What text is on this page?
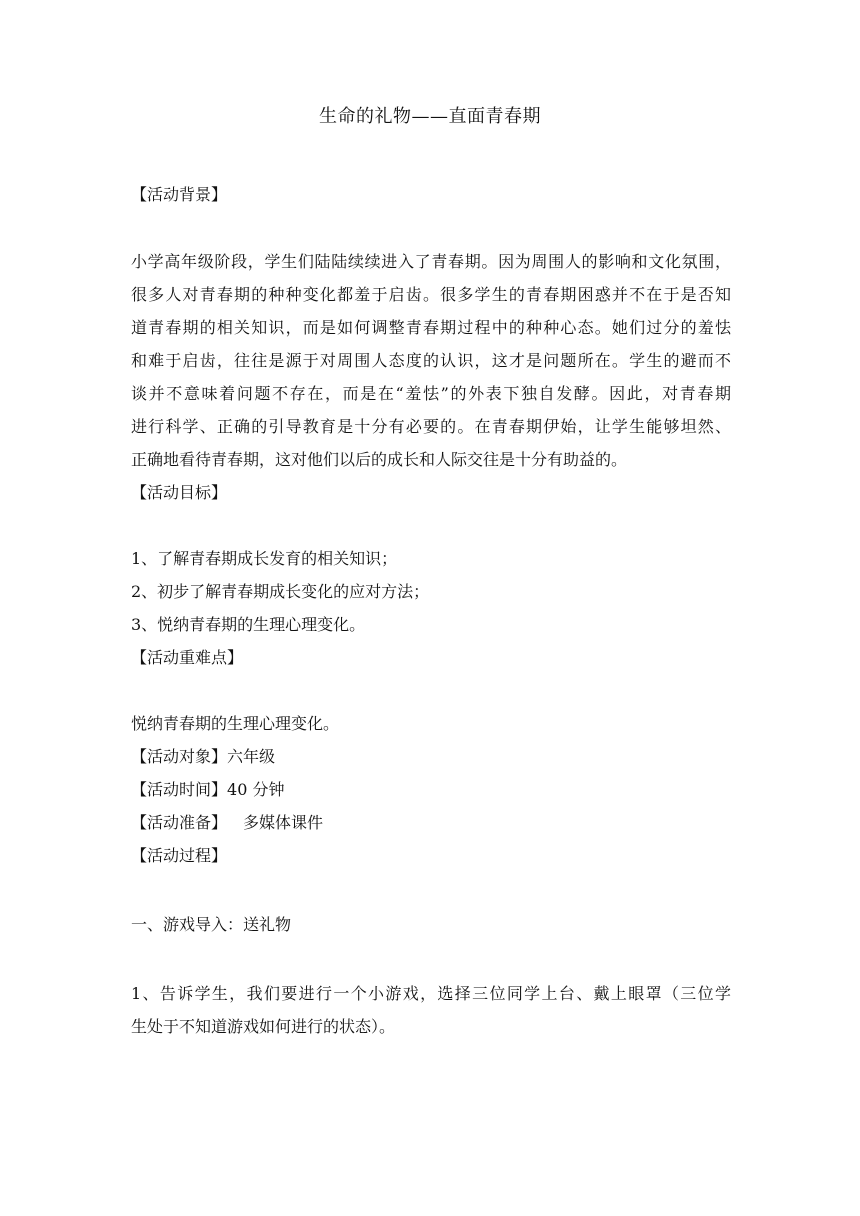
生命的礼物——直面青春期
【活动背景】
小学高年级阶段，学生们陆陆续续进入了青春期。因为周围人的影响和文化氛围，
很多人对青春期的种种变化都羞于启齿。很多学生的青春期困惑并不在于是否知
道青春期的相关知识，而是如何调整青春期过程中的种种心态。她们过分的羞怯
和难于启齿，往往是源于对周围人态度的认识，这才是问题所在。学生的避而不
谈并不意味着问题不存在，而是在“羞怯”的外表下独自发酵。因此，对青春期
进行科学、正确的引导教育是十分有必要的。在青春期伊始，让学生能够坦然、
正确地看待青春期，这对他们以后的成长和人际交往是十分有助益的。
【活动目标】
1、了解青春期成长发育的相关知识；
2、初步了解青春期成长变化的应对方法；
3、悦纳青春期的生理心理变化。
【活动重难点】
悦纳青春期的生理心理变化。
【活动对象】六年级
【活动时间】40 分钟
【活动准备】 多媒体课件
【活动过程】
一、游戏导入：送礼物
1、告诉学生，我们要进行一个小游戏，选择三位同学上台、戴上眼罩（三位学
生处于不知道游戏如何进行的状态）。
